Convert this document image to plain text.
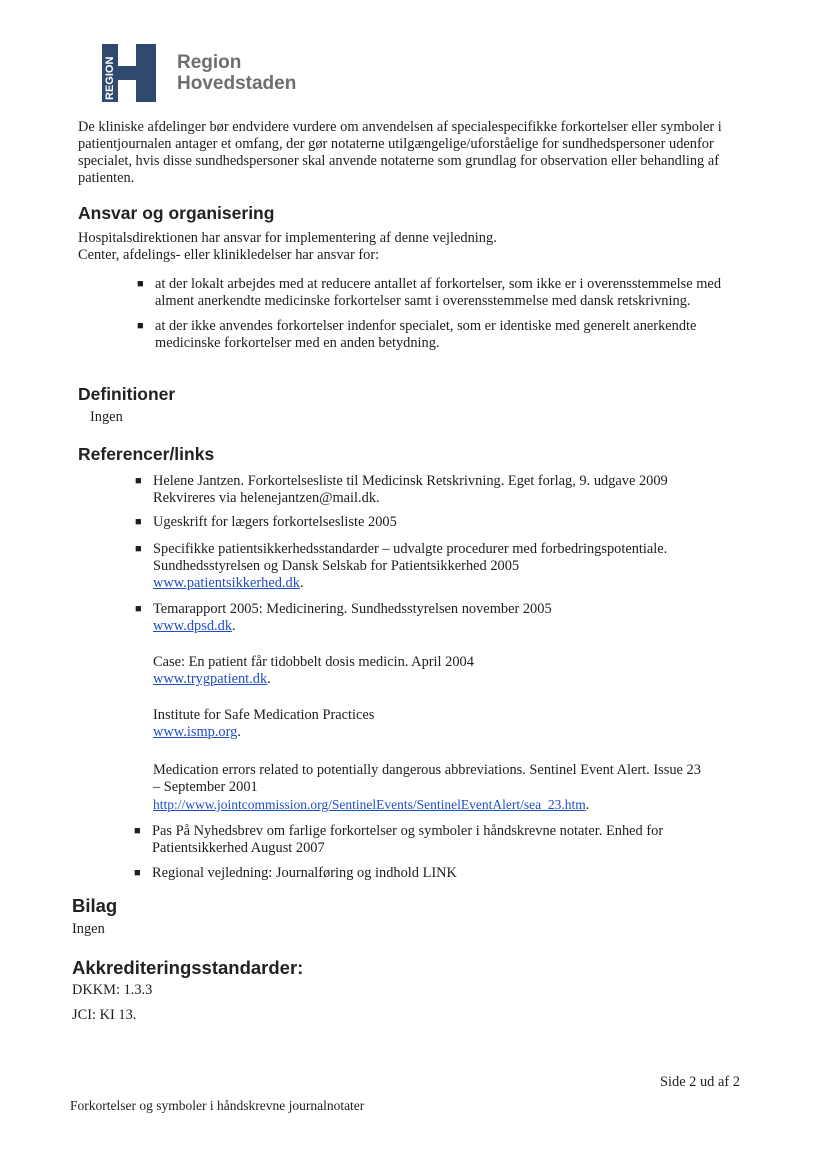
REGION	Region
Hovedstaden
De kliniske afdelinger bør endvidere vurdere om anvendelsen af specialespecifikke forkortelser eller symboler i patientjournalen antager et omfang, der gør notaterne utilgængelige/uforståelige for sundhedspersoner udenfor specialet, hvis disse sundhedspersoner skal anvende notaterne som grundlag for observation eller behandling af patienten.
Ansvar og organisering
Hospitalsdirektionen har ansvar for implementering af denne vejledning.
Center, afdelings- eller klinikledelser har ansvar for:
■ at der lokalt arbejdes med at reducere antallet af forkortelser, som ikke er i overensstemmelse med alment anerkendte medicinske forkortelser samt i overensstemmelse med dansk retskrivning.
■ at der ikke anvendes forkortelser indenfor specialet, som er identiske med generelt anerkendte medicinske forkortelser med en anden betydning.
Definitioner
Ingen
Referencer/links
■ Helene Jantzen. Forkortelsesliste til Medicinsk Retskrivning. Eget forlag, 9. udgave 2009
Rekvireres via helenejantzen@mail.dk.
■ Ugeskrift for lægers forkortelsesliste 2005
■ Specifikke patientsikkerhedsstandarder – udvalgte procedurer med forbedringspotentiale.
Sundhedsstyrelsen og Dansk Selskab for Patientsikkerhed 2005
www.patientsikkerhed.dk.
■ Temarapport 2005: Medicinering. Sundhedsstyrelsen november 2005
www.dpsd.dk.
Case: En patient får tidobbelt dosis medicin. April 2004
www.trygpatient.dk.
Institute for Safe Medication Practices
www.ismp.org.
Medication errors related to potentially dangerous abbreviations. Sentinel Event Alert. Issue 23
– September 2001
http://www.jointcommission.org/SentinelEvents/SentinelEventAlert/sea_23.htm.
■ Pas På Nyhedsbrev om farlige forkortelser og symboler i håndskrevne notater. Enhed for
Patientsikkerhed August 2007
■ Regional vejledning: Journalføring og indhold LINK
Bilag
Ingen
Akkrediteringsstandarder:
DKKM: 1.3.3
JCI: KI 13.
Side 2 ud af 2
Forkortelser og symboler i håndskrevne journalnotater
